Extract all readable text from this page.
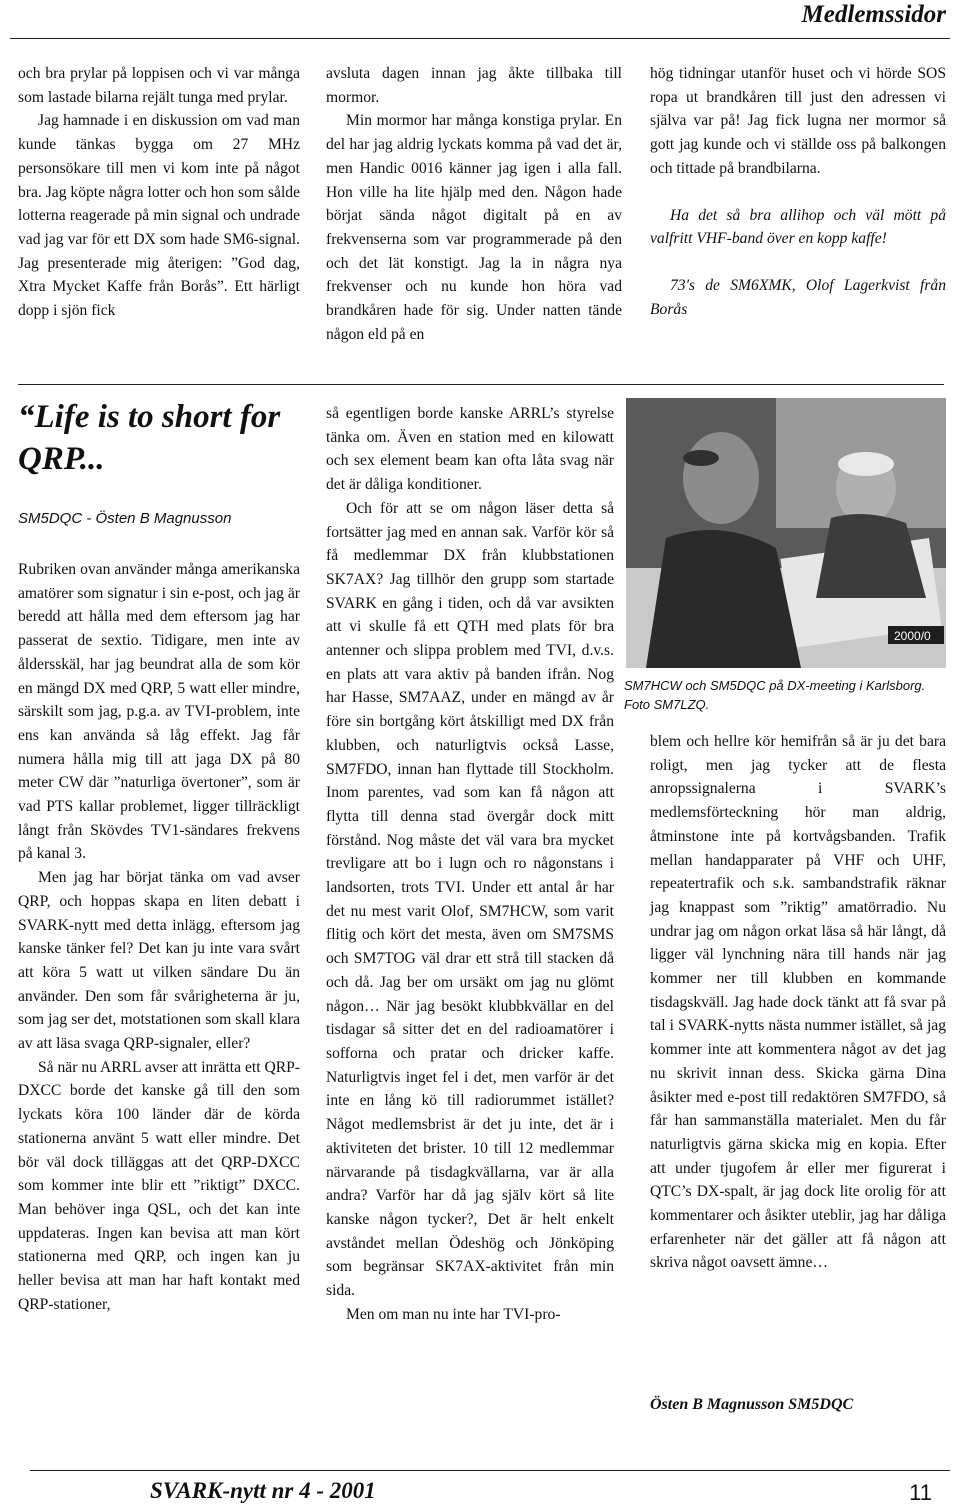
Medlemssidor

och bra prylar på loppisen och vi var många som lastade bilarna rejält tunga med prylar.

Jag hamnade i en diskussion om vad man kunde tänkas bygga om 27 MHz personsökare till men vi kom inte på något bra. Jag köpte några lotter och hon som sålde lotterna reagerade på min signal och undrade vad jag var för ett DX som hade SM6-signal. Jag presenterade mig återigen: ”God dag, Xtra Mycket Kaffe från Borås”. Ett härligt dopp i sjön fick

avsluta dagen innan jag åkte tillbaka till mormor.

Min mormor har många konstiga prylar. En del har jag aldrig lyckats komma på vad det är, men Handic 0016 känner jag igen i alla fall. Hon ville ha lite hjälp med den. Någon hade börjat sända något digitalt på en av frekvenserna som var programmerade på den och det lät konstigt. Jag la in några nya frekvenser och nu kunde hon höra vad brandkåren hade för sig. Under natten tände någon eld på en

hög tidningar utanför huset och vi hörde SOS ropa ut brandkåren till just den adressen vi själva var på! Jag fick lugna ner mormor så gott jag kunde och vi ställde oss på balkongen och tittade på brandbilarna.

Ha det så bra allihop och väl mött på valfritt VHF-band över en kopp kaffe!

73's de SM6XMK, Olof Lagerkvist från Borås

“Life is to short for QRP...
SM5DQC - Östen B Magnusson

Rubriken ovan använder många amerikanska amatörer som signatur i sin e-post, och jag är beredd att hålla med dem eftersom jag har passerat de sextio. Tidigare, men inte av åldersskäl, har jag beundrat alla de som kör en mängd DX med QRP, 5 watt eller mindre, särskilt som jag, p.g.a. av TVI-problem, inte ens kan använda så låg effekt. Jag får numera hålla mig till att jaga DX på 80 meter CW där ”naturliga övertoner”, som är vad PTS kallar problemet, ligger tillräckligt långt från Skövdes TV1-sändares frekvens på kanal 3.

Men jag har börjat tänka om vad avser QRP, och hoppas skapa en liten debatt i SVARK-nytt med detta inlägg, eftersom jag kanske tänker fel? Det kan ju inte vara svårt att köra 5 watt ut vilken sändare Du än använder. Den som får svårigheterna är ju, som jag ser det, motstationen som skall klara av att läsa svaga QRP-signaler, eller?

Så när nu ARRL avser att inrätta ett QRP-DXCC borde det kanske gå till den som lyckats köra 100 länder där de körda stationerna använt 5 watt eller mindre. Det bör väl dock tilläggas att det QRP-DXCC som kommer inte blir ett ”riktigt” DXCC. Man behöver inga QSL, och det kan inte uppdateras. Ingen kan bevisa att man kört stationerna med QRP, och ingen kan ju heller bevisa att man har haft kontakt med QRP-stationer,

så egentligen borde kanske ARRL’s styrelse tänka om. Även en station med en kilowatt och sex element beam kan ofta låta svag när det är dåliga konditioner.

Och för att se om någon läser detta så fortsätter jag med en annan sak. Varför kör så få medlemmar DX från klubbstationen SK7AX? Jag tillhör den grupp som startade SVARK en gång i tiden, och då var avsikten att vi skulle få ett QTH med plats för bra antenner och slippa problem med TVI, d.v.s. en plats att vara aktiv på banden ifrån. Nog har Hasse, SM7AAZ, under en mängd av år före sin bortgång kört åtskilligt med DX från klubben, och naturligtvis också Lasse, SM7FDO, innan han flyttade till Stockholm. Inom parentes, vad som kan få någon att flytta till denna stad övergår dock mitt förstånd. Nog måste det väl vara bra mycket trevligare att bo i lugn och ro någonstans i landsorten, trots TVI. Under ett antal år har det nu mest varit Olof, SM7HCW, som varit flitig och kört det mesta, även om SM7SMS och SM7TOG väl drar ett strå till stacken då och då. Jag ber om ursäkt om jag nu glömt någon… När jag besökt klubbkvällar en del tisdagar så sitter det en del radioamatörer i sofforna och pratar och dricker kaffe. Naturligtvis inget fel i det, men varför är det inte en lång kö till radiorummet istället? Något medlemsbrist är det ju inte, det är i aktiviteten det brister. 10 till 12 medlemmar närvarande på tisdagkvällarna, var är alla andra? Varför har då jag själv kört så lite kanske någon tycker?, Det är helt enkelt avståndet mellan Ödeshög och Jönköping som begränsar SK7AX-aktivitet från min sida.

Men om man nu inte har TVI-pro-

2000/0
SM7HCW och SM5DQC på DX-meeting i Karlsborg. Foto SM7LZQ.

blem och hellre kör hemifrån så är ju det bara roligt, men jag tycker att de flesta anropssignalerna i SVARK’s medlemsförteckning hör man aldrig, åtminstone inte på kortvågsbanden. Trafik mellan handapparater på VHF och UHF, repeatertrafik och s.k. sambandstrafik räknar jag knappast som ”riktig” amatörradio. Nu undrar jag om någon orkat läsa så här långt, då ligger väl lynchning nära till hands när jag kommer ner till klubben en kommande tisdagskväll. Jag hade dock tänkt att få svar på tal i SVARK-nytts nästa nummer istället, så jag kommer inte att kommentera något av det jag nu skrivit innan dess. Skicka gärna Dina åsikter med e-post till redaktören SM7FDO, så får han sammanställa materialet. Men du får naturligtvis gärna skicka mig en kopia. Efter att under tjugofem år eller mer figurerat i QTC’s DX-spalt, är jag dock lite orolig för att kommentarer och åsikter uteblir, jag har dåliga erfarenheter när det gäller att få någon att skriva något oavsett ämne…

Östen B Magnusson SM5DQC
SVARK-nytt nr 4 - 2001	11
